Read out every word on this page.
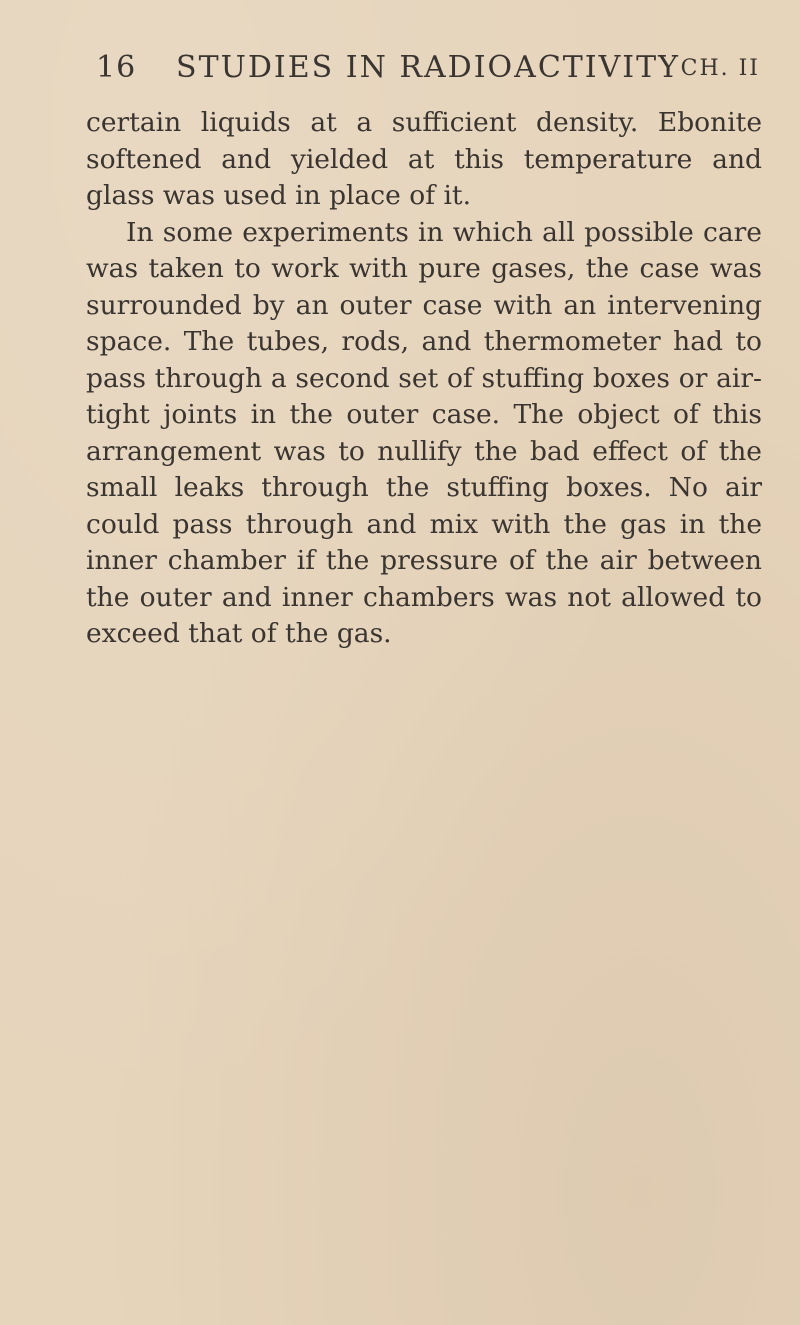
16	STUDIES IN RADIOACTIVITY CH. II

certain liquids at a sufficient density. Ebonite softened and yielded at this temperature and glass was used in place of it.

In some experiments in which all possible care was taken to work with pure gases, the case was surrounded by an outer case with an intervening space. The tubes, rods, and thermometer had to pass through a second set of stuffing boxes or air-tight joints in the outer case. The object of this arrangement was to nullify the bad effect of the small leaks through the stuffing boxes. No air could pass through and mix with the gas in the inner chamber if the pressure of the air between the outer and inner chambers was not allowed to exceed that of the gas.
